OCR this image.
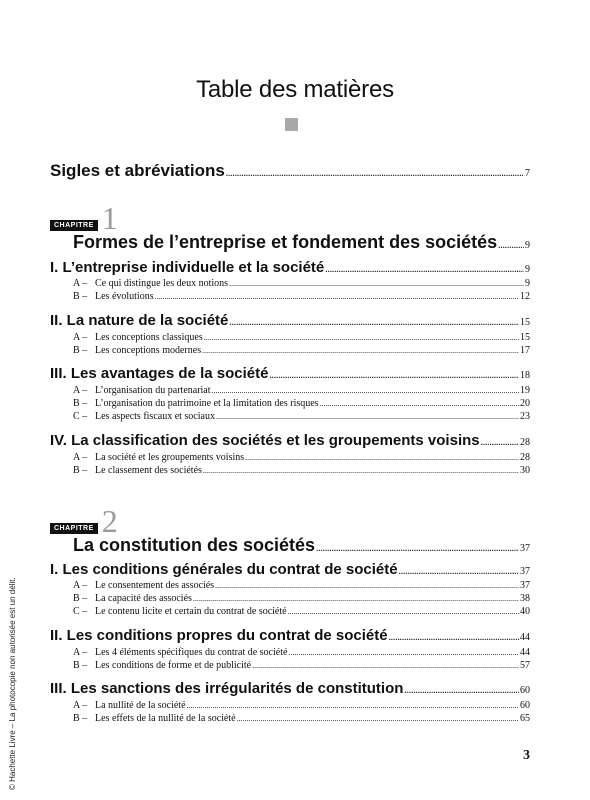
Table des matières
Sigles et abréviations .....	7
CHAPITRE 1
Formes de l’entreprise et fondement des sociétés .....	9
I. L’entreprise individuelle et la société .....	9
A – Ce qui distingue les deux notions .....	9
B – Les évolutions .....	12
II. La nature de la société .....	15
A – Les conceptions classiques .....	15
B – Les conceptions modernes .....	17
III. Les avantages de la société .....	18
A – L’organisation du partenariat .....	19
B – L’organisation du patrimoine et la limitation des risques .....	20
C – Les aspects fiscaux et sociaux .....	23
IV. La classification des sociétés et les groupements voisins .....	28
A – La société et les groupements voisins .....	28
B – Le classement des sociétés .....	30
CHAPITRE 2
La constitution des sociétés .....	37
I. Les conditions générales du contrat de société .....	37
A – Le consentement des associés .....	37
B – La capacité des associés .....	38
C – Le contenu licite et certain du contrat de société .....	40
II. Les conditions propres du contrat de société .....	44
A – Les 4 éléments spécifiques du contrat de société .....	44
B – Les conditions de forme et de publicité .....	57
III. Les sanctions des irrégularités de constitution .....	60
A – La nullité de la société .....	60
B – Les effets de la nullité de la société .....	65
© Hachette Livre – La photocopie non autorisée est un délit.	3
